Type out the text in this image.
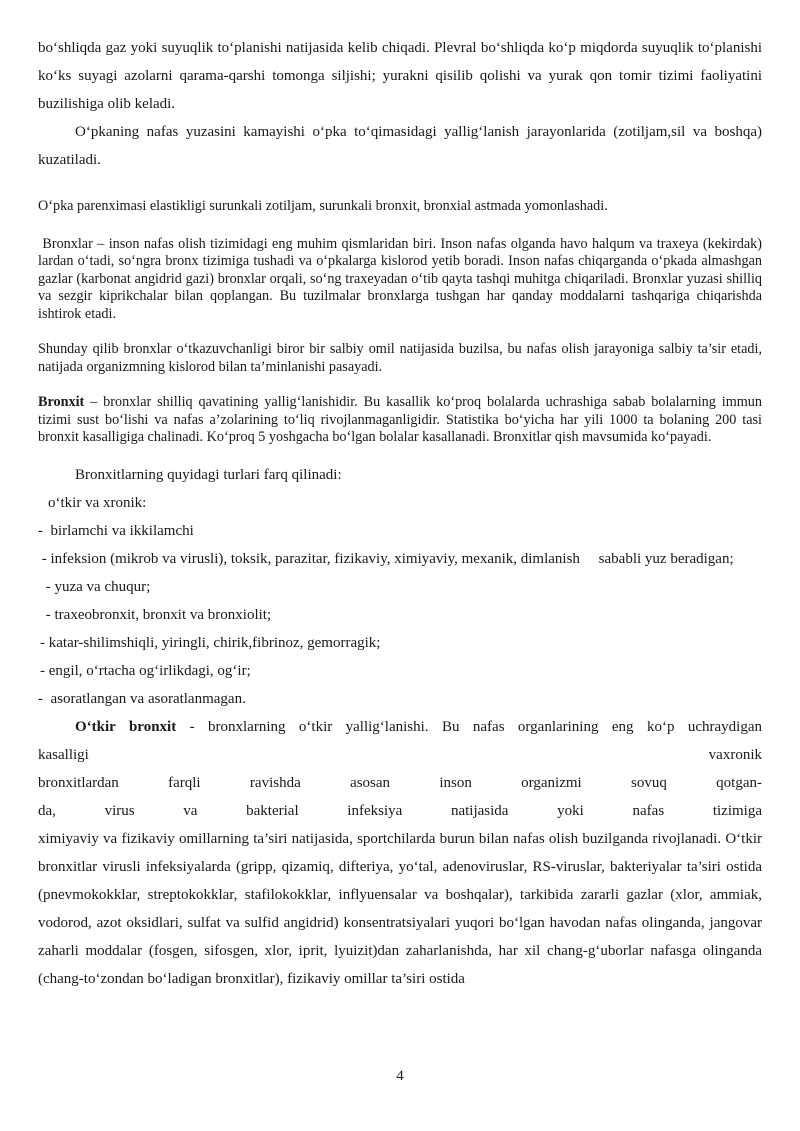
bo‘shliqda gaz yoki suyuqlik to‘planishi natijasida kelib chiqadi. Plevral bo‘shliqda ko‘p miqdorda suyuqlik to‘planishi ko‘ks suyagi azolarni qarama-qarshi tomonga siljishi; yurakni qisilib qolishi va yurak qon tomir tizimi faoliyatini buzilishiga olib keladi.

O‘pkaning nafas yuzasini kamayishi o‘pka to‘qimasidagi yallig‘lanish jarayonlarida (zotiljam,sil va boshqa) kuzatiladi.

O‘pka parenximasi elastikligi surunkali zotiljam, surunkali bronxit, bronxial astmada yomonlashadi.

Bronxlar – inson nafas olish tizimidagi eng muhim qismlaridan biri. Inson nafas olganda havo halqum va traxeya (kekirdak) lardan o‘tadi, so‘ngra bronx tizimiga tushadi va o‘pkalarga kislorod yetib boradi. Inson nafas chiqarganda o‘pkada almashgan gazlar (karbonat angidrid gazi) bronxlar orqali, so‘ng traxeyadan o‘tib qayta tashqi muhitga chiqariladi. Bronxlar yuzasi shilliq va sezgir kiprikchalar bilan qoplangan. Bu tuzilmalar bronxlarga tushgan har qanday moddalarni tashqariga chiqarishda ishtirok etadi.

Shunday qilib bronxlar o‘tkazuvchanligi biror bir salbiy omil natijasida buzilsa, bu nafas olish jarayoniga salbiy ta’sir etadi, natijada organizmning kislorod bilan ta’minlanishi pasayadi.

Bronxit – bronxlar shilliq qavatining yallig‘lanishidir. Bu kasallik ko‘proq bolalarda uchrashiga sabab bolalarning immun tizimi sust bo‘lishi va nafas a’zolarining to‘liq rivojlanmaganligidir. Statistika bo‘yicha har yili 1000 ta bolaning 200 tasi bronxit kasalligiga chalinadi. Ko‘proq 5 yoshgacha bo‘lgan bolalar kasallanadi. Bronxitlar qish mavsumida ko‘payadi.

Bronxitlarning quyidagi turlari farq qilinadi:

o‘tkir va xronik:

-  birlamchi va ikkilamchi

- infeksion (mikrob va virusli), toksik, parazitar, fizikaviy, ximiyaviy, mexanik, dimlanish     sababli yuz beradigan;

- yuza va chuqur;

- traxeobronxit, bronxit va bronxiolit;

- katar-shilimshiqli, yiringli, chirik,fibrinoz, gemorragik;

- engil, o‘rtacha og‘irlikdagi, og‘ir;

-  asoratlangan va asoratlanmagan.

O‘tkir bronxit - bronxlarning o‘tkir yallig‘lanishi. Bu nafas organlarining eng ko‘p uchraydigan

kasalligi vaxronik

bronxitlardan farqli ravishda asosan inson organizmi sovuq qotgan-

da, virus va bakterial infeksiya natijasida yoki nafas tizimiga

ximiyaviy va fizikaviy omillarning ta’siri natijasida, sportchilarda burun bilan nafas olish buzilganda rivojlanadi. O‘tkir bronxitlar virusli infeksiyalarda (gripp, qizamiq, difteriya, yo‘tal, adenoviruslar, RS-viruslar, bakteriyalar ta’siri ostida (pnevmokokklar, streptokokklar, stafilokokklar, inflyuensalar va boshqalar), tarkibida zararli gazlar (xlor, ammiak, vodorod, azot oksidlari, sulfat va sulfid angidrid) konsentratsiyalari yuqori bo‘lgan havodan nafas olinganda, jangovar zaharli moddalar (fosgen, sifosgen, xlor, iprit, lyuizit)dan zaharlanishda, har xil chang-g‘uborlar nafasga olinganda (chang-to‘zondan bo‘ladigan bronxitlar), fizikaviy omillar ta’siri ostida

4
